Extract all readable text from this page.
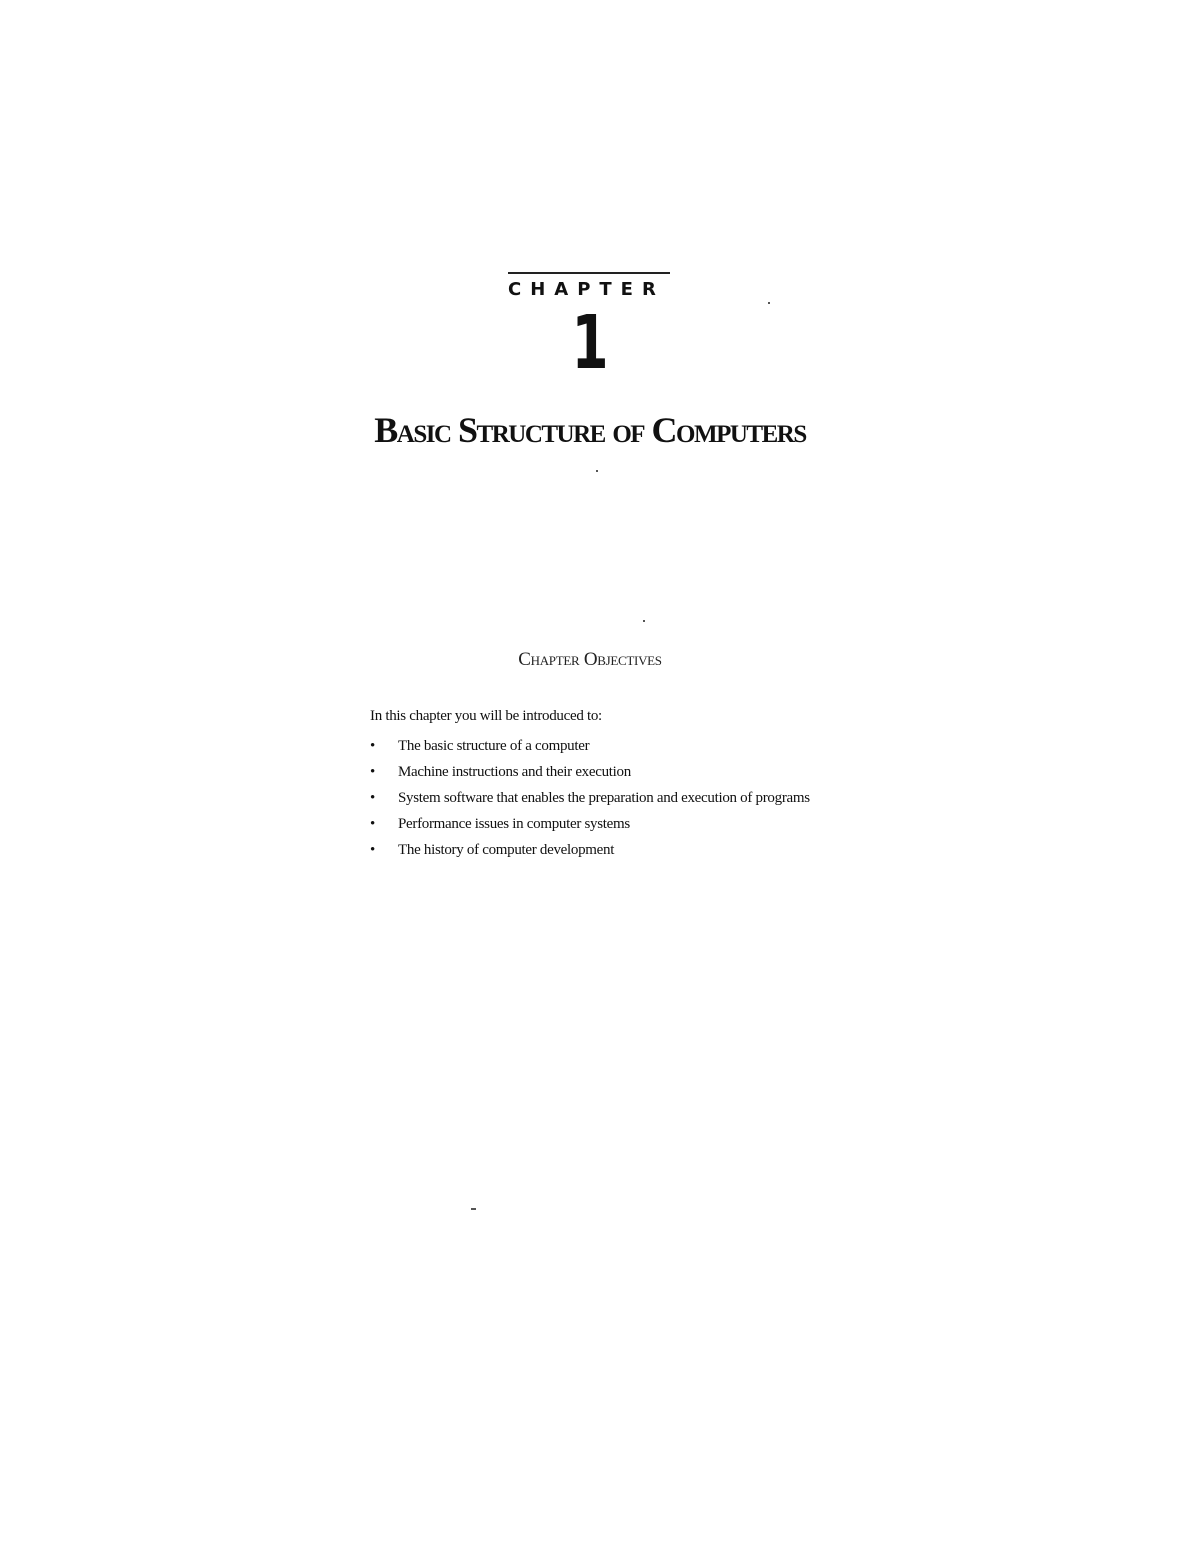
CHAPTER
1
Basic Structure of Computers
Chapter Objectives
In this chapter you will be introduced to:
•	The basic structure of a computer
•	Machine instructions and their execution
•	System software that enables the preparation and execution of programs
•	Performance issues in computer systems
•	The history of computer development
